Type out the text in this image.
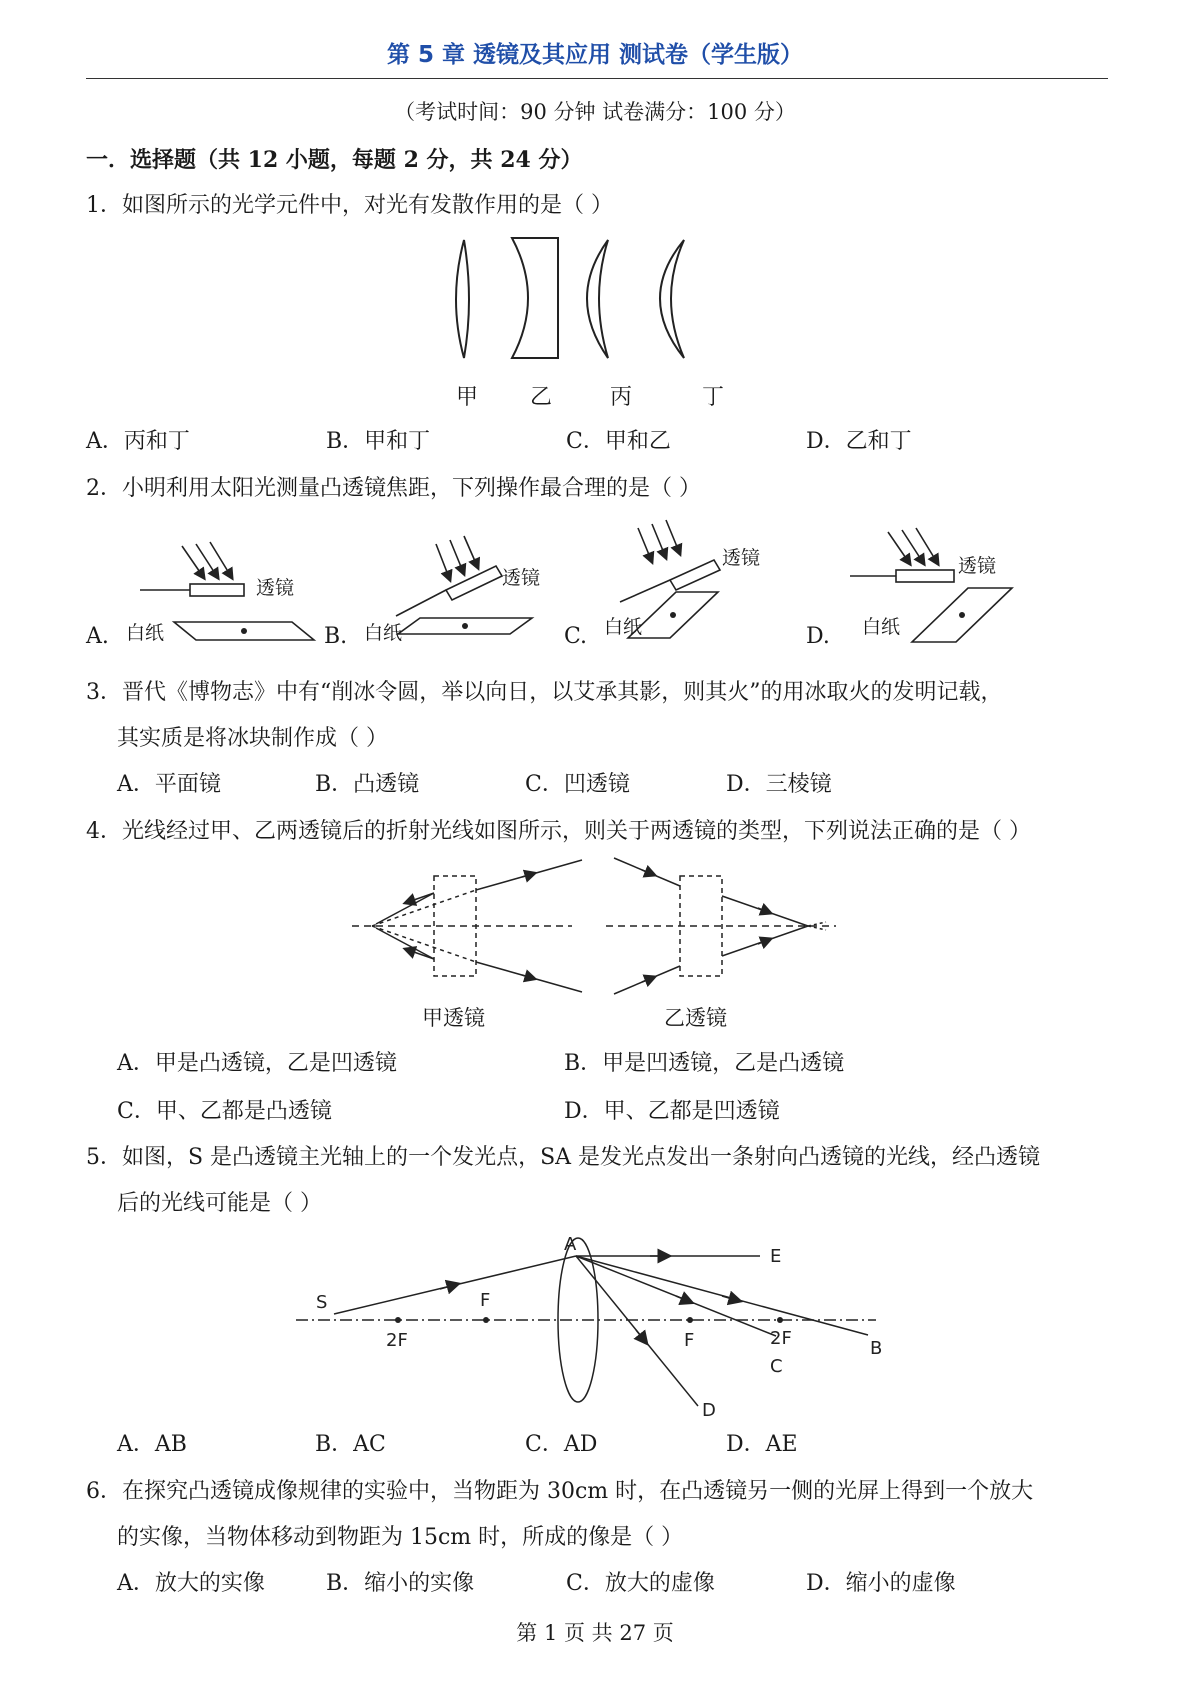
第 5 章 透镜及其应用 测试卷（学生版）
（考试时间：90 分钟 试卷满分：100 分）
一．选择题（共 12 小题，每题 2 分，共 24 分）
1．如图所示的光学元件中，对光有发散作用的是（ ）
甲 乙	丙	丁
A．丙和丁	B．甲和丁	C．甲和乙	D．乙和丁
2．小明利用太阳光测量凸透镜焦距，下列操作最合理的是（ ）
透镜	透镜
透镜	透镜
白纸	白纸	白纸	白纸
A.	B.	C.	D.
3．晋代《博物志》中有“削冰令圆，举以向日，以艾承其影，则其火”的用冰取火的发明记载，
其实质是将冰块制作成（ ）
A．平面镜	B．凸透镜	C．凹透镜	D．三棱镜
4．光线经过甲、乙两透镜后的折射光线如图所示，则关于两透镜的类型，下列说法正确的是（ ）
甲透镜	乙透镜
A．甲是凸透镜，乙是凹透镜	B．甲是凹透镜，乙是凸透镜
C．甲、乙都是凸透镜	D．甲、乙都是凹透镜
5．如图，S 是凸透镜主光轴上的一个发光点，SA 是发光点发出一条射向凸透镜的光线，经凸透镜
后的光线可能是（ ）
S
A
E
B
C
D
F
F
2F	2F
A．AB	B．AC	C．AD	D．AE
6．在探究凸透镜成像规律的实验中，当物距为 30cm 时，在凸透镜另一侧的光屏上得到一个放大
的实像，当物体移动到物距为 15cm 时，所成的像是（ ）
A．放大的实像	B．缩小的实像	C．放大的虚像	D．缩小的虚像
第 1 页 共 27 页
